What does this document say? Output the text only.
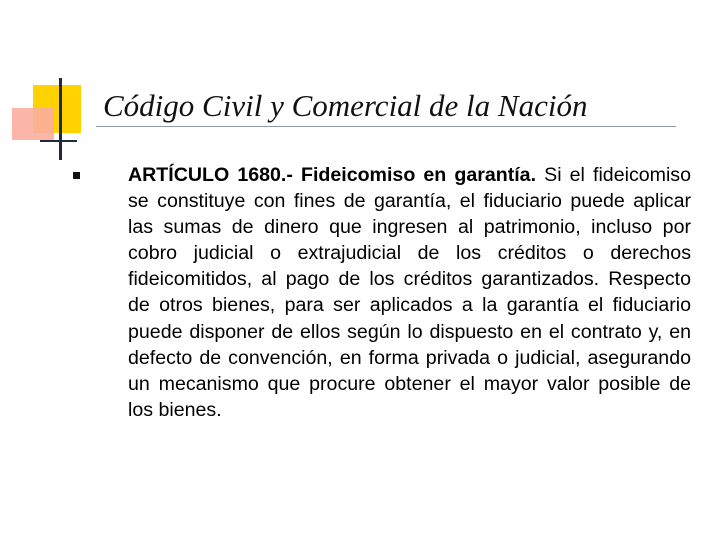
Código Civil y Comercial de la Nación

ARTÍCULO 1680.- Fideicomiso en garantía. Si el fideicomiso se constituye con fines de garantía, el fiduciario puede aplicar las sumas de dinero que ingresen al patrimonio, incluso por cobro judicial o extrajudicial de los créditos o derechos fideicomitidos, al pago de los créditos garantizados. Respecto de otros bienes, para ser aplicados a la garantía el fiduciario puede disponer de ellos según lo dispuesto en el contrato y, en defecto de convención, en forma privada o judicial, asegurando un mecanismo que procure obtener el mayor valor posible de los bienes.
